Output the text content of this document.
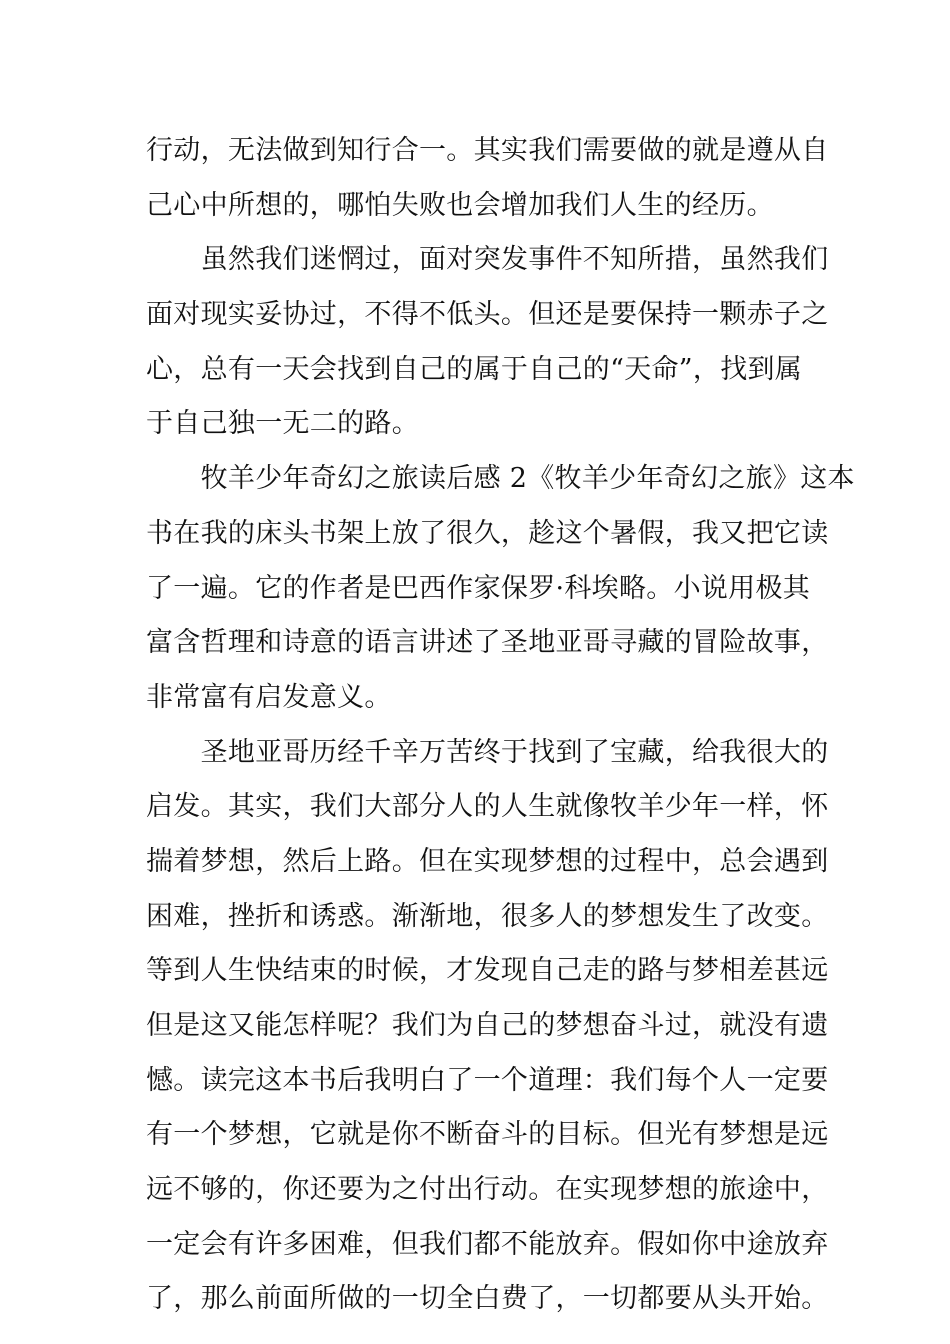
行动，无法做到知行合一。其实我们需要做的就是遵从自
己心中所想的，哪怕失败也会增加我们人生的经历。
　　虽然我们迷惘过，面对突发事件不知所措，虽然我们
面对现实妥协过，不得不低头。但还是要保持一颗赤子之
心，总有一天会找到自己的属于自己的“天命”，找到属
于自己独一无二的路。
　　牧羊少年奇幻之旅读后感 2《牧羊少年奇幻之旅》这本
书在我的床头书架上放了很久，趁这个暑假，我又把它读
了一遍。它的作者是巴西作家保罗·科埃略。小说用极其
富含哲理和诗意的语言讲述了圣地亚哥寻藏的冒险故事，
非常富有启发意义。
　　圣地亚哥历经千辛万苦终于找到了宝藏，给我很大的
启发。其实，我们大部分人的人生就像牧羊少年一样，怀
揣着梦想，然后上路。但在实现梦想的过程中，总会遇到
困难，挫折和诱惑。渐渐地，很多人的梦想发生了改变。
等到人生快结束的时候，才发现自己走的路与梦相差甚远
但是这又能怎样呢？我们为自己的梦想奋斗过，就没有遗
憾。读完这本书后我明白了一个道理：我们每个人一定要
有一个梦想，它就是你不断奋斗的目标。但光有梦想是远
远不够的，你还要为之付出行动。在实现梦想的旅途中，
一定会有许多困难，但我们都不能放弃。假如你中途放弃
了，那么前面所做的一切全白费了，一切都要从头开始。
